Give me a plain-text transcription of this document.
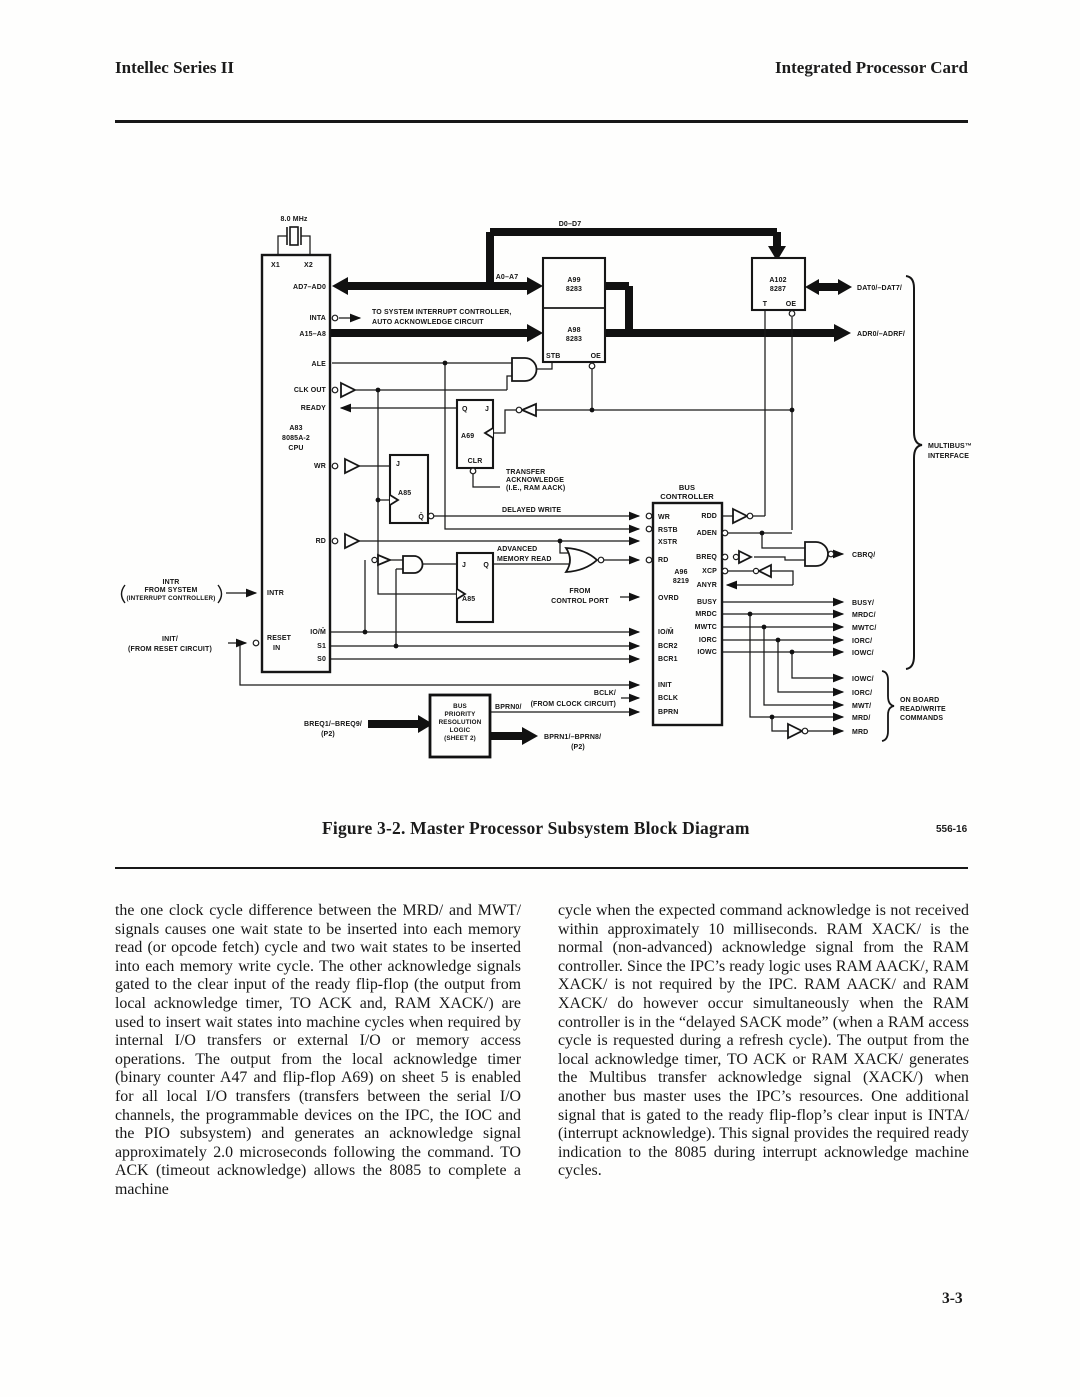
Intellec Series II	Integrated Processor Card
8.0 MHz
X1	X2
AD7–AD0
INTA
A15–A8
ALE
CLK OUT
READY
A83
8085A-2
CPU
WR
RD
INTR
RESET
IN
IO/M̄
S1
S0
TO SYSTEM INTERRUPT CONTROLLER,
AUTO ACKNOWLEDGE CIRCUIT
D0–D7
A0–A7	A99
8283
A98
8283
STB	OE
A102
8287
T	OE
DAT0/–DAT7/
ADR0/–ADRF/
Q J
A69
CLR
TRANSFER
ACKNOWLEDGE
(I.E., RAM AACK)
J
A85
Q̄
DELAYED WRITE
J Q
A85
ADVANCED
MEMORY READ
FROM
CONTROL PORT
INTR
FROM SYSTEM
(INTERRUPT CONTROLLER)
INIT/
(FROM RESET CIRCUIT)
BCLK/
(FROM CLOCK CIRCUIT)
BUS
CONTROLLER
WR
RSTB
XSTR
RD
A96
8219
OVRD
IO/M̄
BCR2
BCR1
INIT
BCLK
BPRN
RDD
ADEN
BREQ
XCP
ANYR
BUSY
MRDC
MWTC
IORC
IOWC
CBRQ/
BUSY/
MRDC/
MWTC/
IORC/
IOWC/
IOWC/
IORC/
MWT/
MRD/
MRD
MULTIBUS™
INTERFACE
ON BOARD
READ/WRITE
COMMANDS
BUS
PRIORITY
RESOLUTION
LOGIC
(SHEET 2)
BREQ1/–BREQ9/
(P2)
BPRN0/
BPRN1/–BPRN8/
(P2)
Figure 3-2. Master Processor Subsystem Block Diagram	556-16
the one clock cycle difference between the MRD/ and MWT/ signals causes one wait state to be inserted into each memory read (or opcode fetch) cycle and two wait states to be inserted into each memory write cycle. The other acknowledge signals gated to the clear input of the ready flip-flop (the output from local acknowledge timer, TO ACK and, RAM XACK/) are used to insert wait states into machine cycles when required by internal I/O transfers or external I/O or memory access operations. The output from the local acknowledge timer (binary counter A47 and flip-flop A69) on sheet 5 is enabled for all local I/O transfers (transfers between the serial I/O channels, the programmable devices on the IPC, the IOC and the PIO subsystem) and generates an acknowledge signal approximately 2.0 microseconds following the command. TO ACK (timeout acknowledge) allows the 8085 to complete a machine
cycle when the expected command acknowledge is not received within approximately 10 milliseconds. RAM XACK/ is the normal (non-advanced) acknowledge signal from the RAM controller. Since the IPC’s ready logic uses RAM AACK/, RAM XACK/ is not required by the IPC. RAM AACK/ and RAM XACK/ do however occur simultaneously when the RAM controller is in the “delayed SACK mode” (when a RAM access cycle is requested during a refresh cycle). The output from the local acknowledge timer, TO ACK or RAM XACK/ generates the Multibus transfer acknowledge signal (XACK/) when another bus master uses the IPC’s resources. One additional signal that is gated to the ready flip-flop’s clear input is INTA/ (interrupt acknowledge). This signal provides the required ready indication to the 8085 during interrupt acknowledge machine cycles.
3-3
